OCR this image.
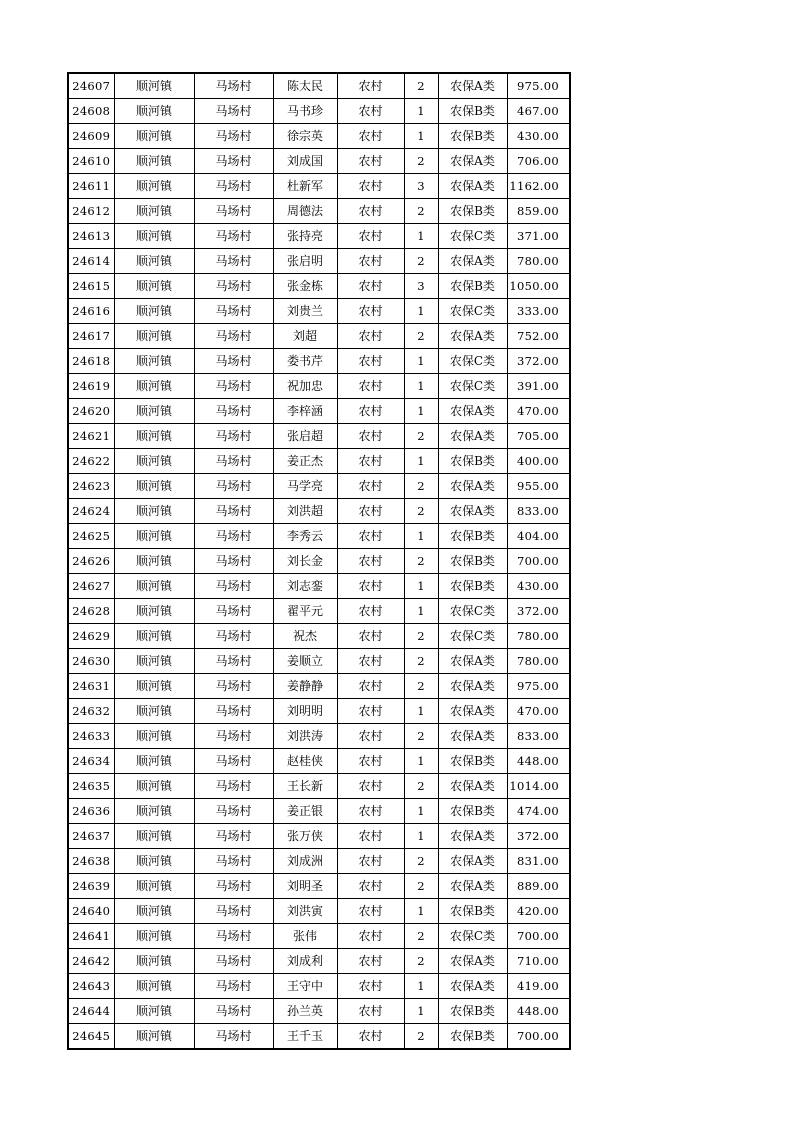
24607	顺河镇	马场村	陈太民	农村	2	农保A类	975.00
24608	顺河镇	马场村	马书珍	农村	1	农保B类	467.00
24609	顺河镇	马场村	徐宗英	农村	1	农保B类	430.00
24610	顺河镇	马场村	刘成国	农村	2	农保A类	706.00
24611	顺河镇	马场村	杜新军	农村	3	农保A类	1162.00
24612	顺河镇	马场村	周德法	农村	2	农保B类	859.00
24613	顺河镇	马场村	张持亮	农村	1	农保C类	371.00
24614	顺河镇	马场村	张启明	农村	2	农保A类	780.00
24615	顺河镇	马场村	张金栋	农村	3	农保B类	1050.00
24616	顺河镇	马场村	刘贵兰	农村	1	农保C类	333.00
24617	顺河镇	马场村	刘超	农村	2	农保A类	752.00
24618	顺河镇	马场村	娄书芹	农村	1	农保C类	372.00
24619	顺河镇	马场村	祝加忠	农村	1	农保C类	391.00
24620	顺河镇	马场村	李梓涵	农村	1	农保A类	470.00
24621	顺河镇	马场村	张启超	农村	2	农保A类	705.00
24622	顺河镇	马场村	姜正杰	农村	1	农保B类	400.00
24623	顺河镇	马场村	马学亮	农村	2	农保A类	955.00
24624	顺河镇	马场村	刘洪超	农村	2	农保A类	833.00
24625	顺河镇	马场村	李秀云	农村	1	农保B类	404.00
24626	顺河镇	马场村	刘长金	农村	2	农保B类	700.00
24627	顺河镇	马场村	刘志銮	农村	1	农保B类	430.00
24628	顺河镇	马场村	翟平元	农村	1	农保C类	372.00
24629	顺河镇	马场村	祝杰	农村	2	农保C类	780.00
24630	顺河镇	马场村	姜顺立	农村	2	农保A类	780.00
24631	顺河镇	马场村	姜静静	农村	2	农保A类	975.00
24632	顺河镇	马场村	刘明明	农村	1	农保A类	470.00
24633	顺河镇	马场村	刘洪涛	农村	2	农保A类	833.00
24634	顺河镇	马场村	赵桂侠	农村	1	农保B类	448.00
24635	顺河镇	马场村	王长新	农村	2	农保A类	1014.00
24636	顺河镇	马场村	姜正银	农村	1	农保B类	474.00
24637	顺河镇	马场村	张万侠	农村	1	农保A类	372.00
24638	顺河镇	马场村	刘成洲	农村	2	农保A类	831.00
24639	顺河镇	马场村	刘明圣	农村	2	农保A类	889.00
24640	顺河镇	马场村	刘洪寅	农村	1	农保B类	420.00
24641	顺河镇	马场村	张伟	农村	2	农保C类	700.00
24642	顺河镇	马场村	刘成利	农村	2	农保A类	710.00
24643	顺河镇	马场村	王守中	农村	1	农保A类	419.00
24644	顺河镇	马场村	孙兰英	农村	1	农保B类	448.00
24645	顺河镇	马场村	王千玉	农村	2	农保B类	700.00
